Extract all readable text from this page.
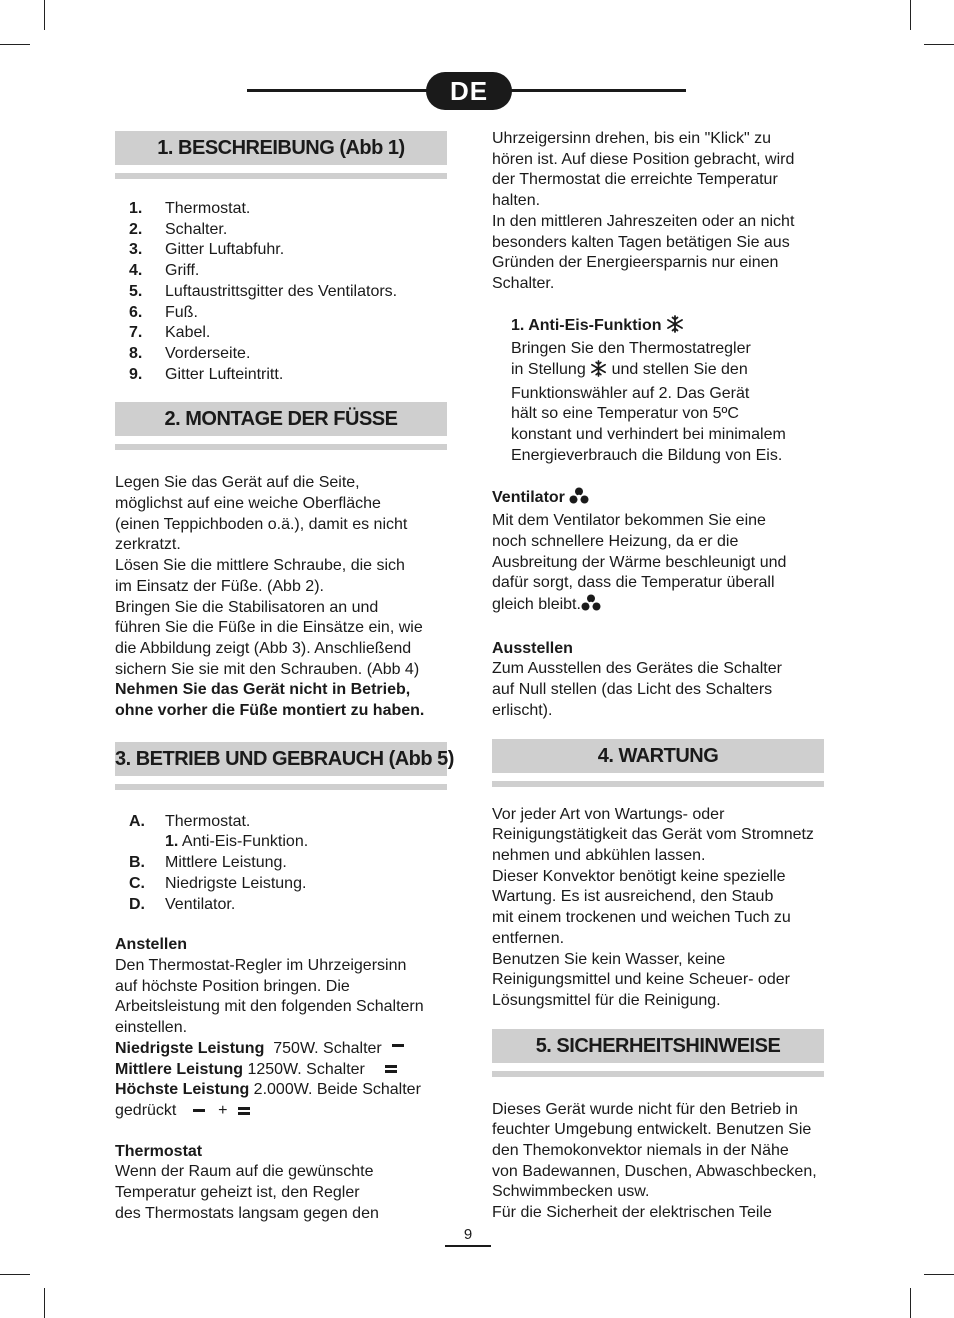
DE
1. BESCHREIBUNG (Abb 1)
1.	Thermostat.
2.	Schalter.
3.	Gitter Luftabfuhr.
4.	Griff.
5.	Luftaustrittsgitter des Ventilators.
6.	Fuß.
7.	Kabel.
8.	Vorderseite.
9.	Gitter Lufteintritt.
2. MONTAGE DER FÜSSE

Legen Sie das Gerät auf die Seite,

möglichst auf eine weiche Oberfläche

(einen Teppichboden o.ä.), damit es nicht

zerkratzt.

Lösen Sie die mittlere Schraube, die sich

im Einsatz der Füße. (Abb 2).

Bringen Sie die Stabilisatoren an und

führen Sie die Füße in die Einsätze ein, wie

die Abbildung zeigt (Abb 3). Anschließend

sichern Sie sie mit den Schrauben. (Abb 4)

Nehmen Sie das Gerät nicht in Betrieb,

ohne vorher die Füße montiert zu haben.

3. BETRIEB UND GEBRAUCH (Abb 5)
A.	Thermostat.
1. Anti-Eis-Funktion.
B.	Mittlere Leistung.
C.	Niedrigste Leistung.
D.	Ventilator.

Anstellen

Den Thermostat-Regler im Uhrzeigersinn

auf höchste Position bringen. Die

Arbeitsleistung mit den folgenden Schaltern

einstellen.

Niedrigste Leistung 750W. Schalter

Mittlere Leistung 1250W. Schalter

Höchste Leistung 2.000W. Beide Schalter

gedrückt	+

Thermostat

Wenn der Raum auf die gewünschte

Temperatur geheizt ist, den Regler

des Thermostats langsam gegen den

Uhrzeigersinn drehen, bis ein "Klick" zu

hören ist. Auf diese Position gebracht, wird

der Thermostat die erreichte Temperatur

halten.

In den mittleren Jahreszeiten oder an nicht

besonders kalten Tagen betätigen Sie aus

Gründen der Energieersparnis nur einen

Schalter.

1. Anti-Eis-Funktion

Bringen Sie den Thermostatregler

in Stellung und stellen Sie den

Funktionswähler auf 2. Das Gerät

hält so eine Temperatur von 5ºC

konstant und verhindert bei minimalem

Energieverbrauch die Bildung von Eis.

Ventilator

Mit dem Ventilator bekommen Sie eine

noch schnellere Heizung, da er die

Ausbreitung der Wärme beschleunigt und

dafür sorgt, dass die Temperatur überall

gleich bleibt.

Ausstellen

Zum Ausstellen des Gerätes die Schalter

auf Null stellen (das Licht des Schalters

erlischt).

4. WARTUNG

Vor jeder Art von Wartungs- oder

Reinigungstätigkeit das Gerät vom Stromnetz

nehmen und abkühlen lassen.

Dieser Konvektor benötigt keine spezielle

Wartung. Es ist ausreichend, den Staub

mit einem trockenen und weichen Tuch zu

entfernen.

Benutzen Sie kein Wasser, keine

Reinigungsmittel und keine Scheuer- oder

Lösungsmittel für die Reinigung.

5. SICHERHEITSHINWEISE

Dieses Gerät wurde nicht für den Betrieb in

feuchter Umgebung entwickelt. Benutzen Sie

den Themokonvektor niemals in der Nähe

von Badewannen, Duschen, Abwaschbecken,

Schwimmbecken usw.

Für die Sicherheit der elektrischen Teile

9
